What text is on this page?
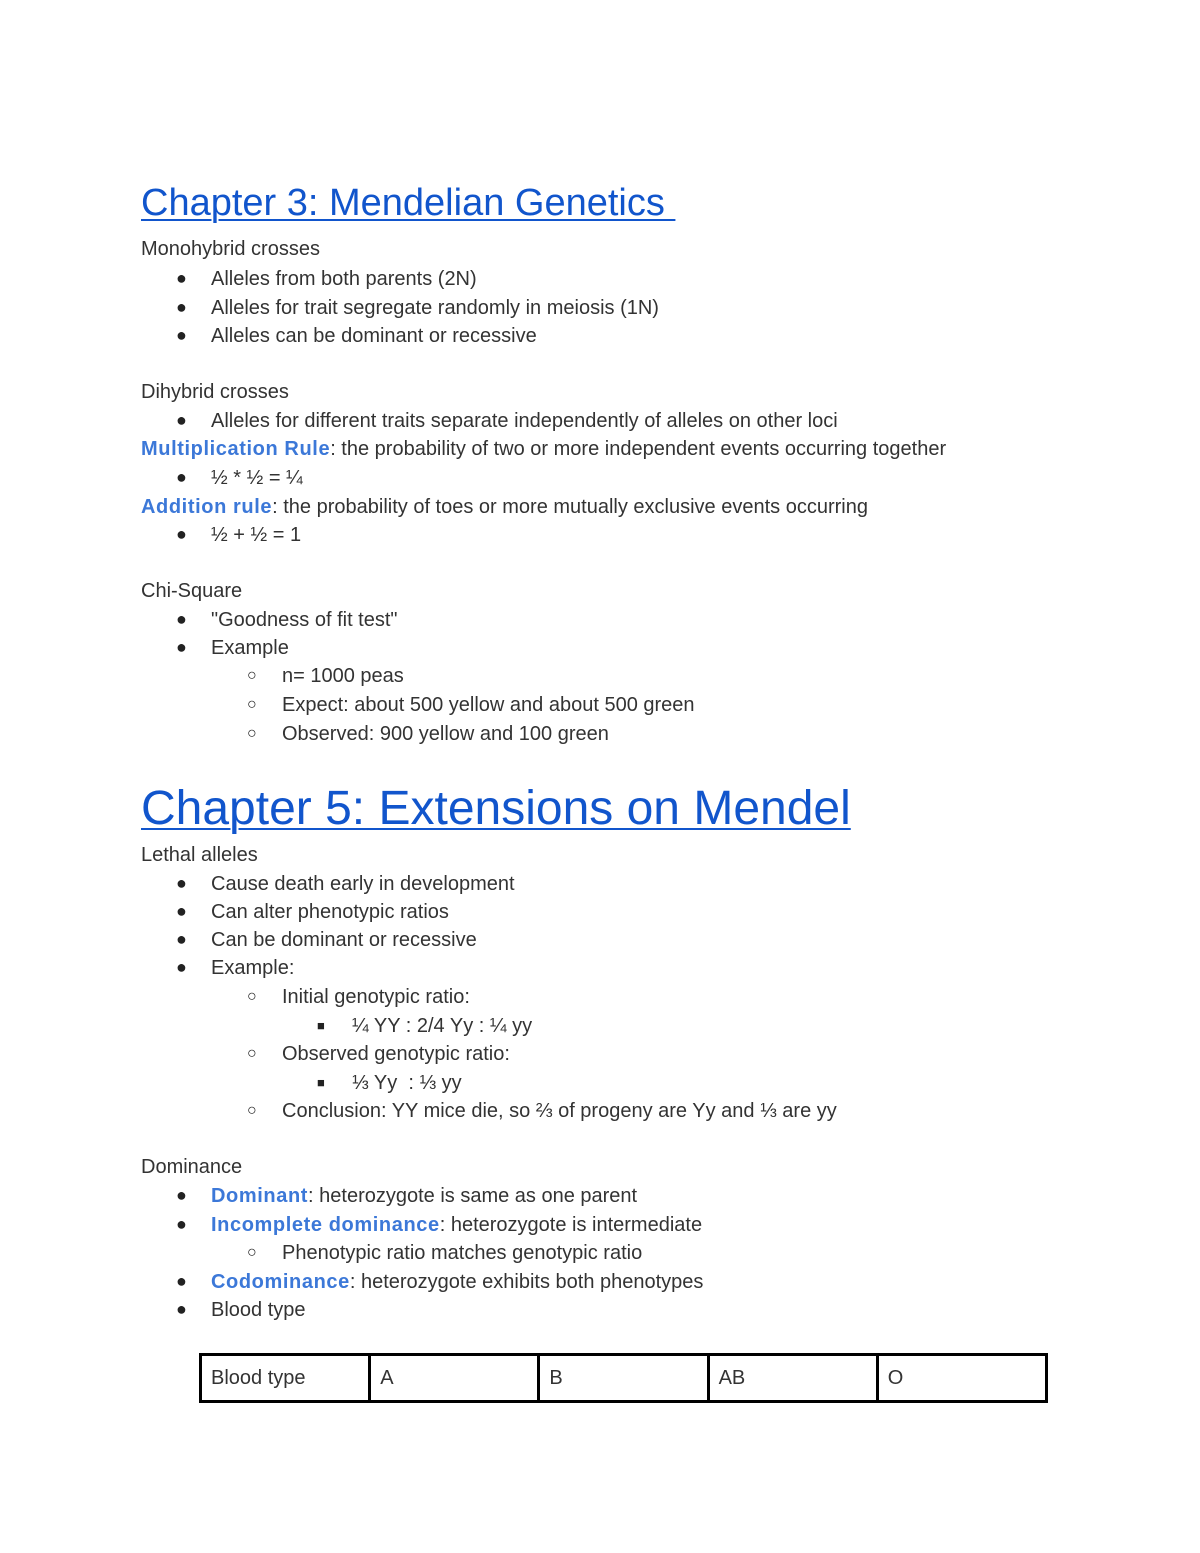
Chapter 3: Mendelian Genetics
Monohybrid crosses
● Alleles from both parents (2N)
● Alleles for trait segregate randomly in meiosis (1N)
● Alleles can be dominant or recessive
Dihybrid crosses
● Alleles for different traits separate independently of alleles on other loci
Multiplication Rule: the probability of two or more independent events occurring together
● ½ * ½ = ¼
Addition rule: the probability of toes or more mutually exclusive events occurring
● ½ + ½ = 1
Chi-Square
● "Goodness of fit test"
● Example
○ n= 1000 peas
○ Expect: about 500 yellow and about 500 green
○ Observed: 900 yellow and 100 green
Chapter 5: Extensions on Mendel
Lethal alleles
● Cause death early in development
● Can alter phenotypic ratios
● Can be dominant or recessive
● Example:
○ Initial genotypic ratio:
■ ¼ YY : 2/4 Yy : ¼ yy
○ Observed genotypic ratio:
■ ⅓ Yy  : ⅓ yy
○ Conclusion: YY mice die, so ⅔ of progeny are Yy and ⅓ are yy
Dominance
● Dominant: heterozygote is same as one parent
● Incomplete dominance: heterozygote is intermediate
○ Phenotypic ratio matches genotypic ratio
● Codominance: heterozygote exhibits both phenotypes
● Blood type
Blood type	A	B	AB	O
